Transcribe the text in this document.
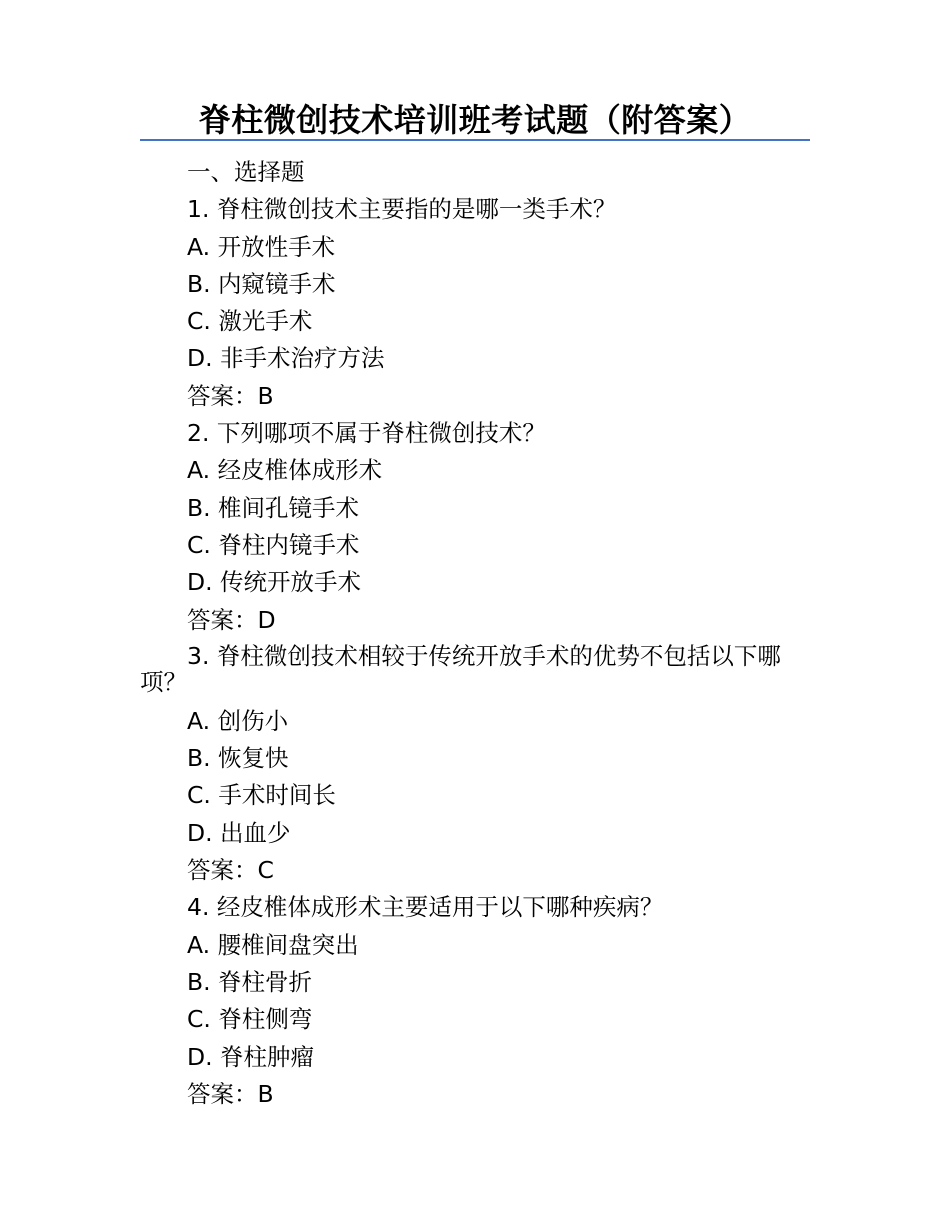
脊柱微创技术培训班考试题（附答案）
一、选择题
1. 脊柱微创技术主要指的是哪一类手术？
A. 开放性手术
B. 内窥镜手术
C. 激光手术
D. 非手术治疗方法
答案：B
2. 下列哪项不属于脊柱微创技术？
A. 经皮椎体成形术
B. 椎间孔镜手术
C. 脊柱内镜手术
D. 传统开放手术
答案：D
3. 脊柱微创技术相较于传统开放手术的优势不包括以下哪项？
A. 创伤小
B. 恢复快
C. 手术时间长
D. 出血少
答案：C
4. 经皮椎体成形术主要适用于以下哪种疾病？
A. 腰椎间盘突出
B. 脊柱骨折
C. 脊柱侧弯
D. 脊柱肿瘤
答案：B
